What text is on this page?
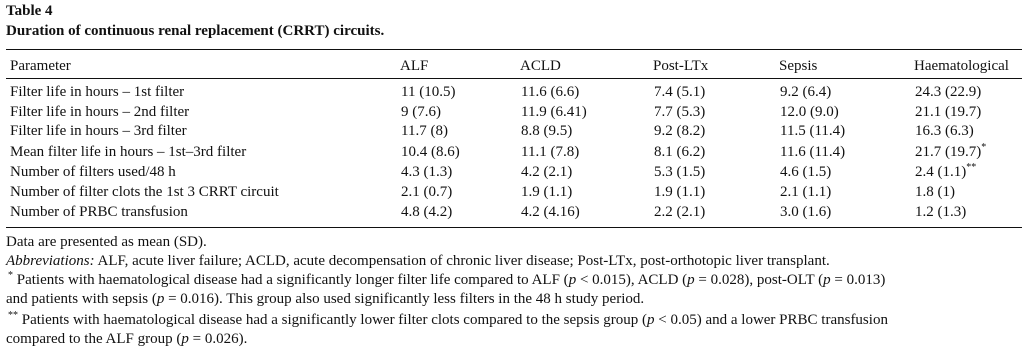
Table 4
Duration of continuous renal replacement (CRRT) circuits.
Parameter	ALF	ACLD	Post-LTx	Sepsis	Haematological
Filter life in hours – 1st filter	11 (10.5)	11.6 (6.6)	7.4 (5.1)	9.2 (6.4)	24.3 (22.9)
Filter life in hours – 2nd filter	9 (7.6)	11.9 (6.41)	7.7 (5.3)	12.0 (9.0)	21.1 (19.7)
Filter life in hours – 3rd filter	11.7 (8)	8.8 (9.5)	9.2 (8.2)	11.5 (11.4)	16.3 (6.3)
Mean filter life in hours – 1st–3rd filter	10.4 (8.6)	11.1 (7.8)	8.1 (6.2)	11.6 (11.4)	21.7 (19.7)*
Number of filters used/48 h	4.3 (1.3)	4.2 (2.1)	5.3 (1.5)	4.6 (1.5)	2.4 (1.1)**
Number of filter clots the 1st 3 CRRT circuit	2.1 (0.7)	1.9 (1.1)	1.9 (1.1)	2.1 (1.1)	1.8 (1)
Number of PRBC transfusion	4.8 (4.2)	4.2 (4.16)	2.2 (2.1)	3.0 (1.6)	1.2 (1.3)
Data are presented as mean (SD).
Abbreviations: ALF, acute liver failure; ACLD, acute decompensation of chronic liver disease; Post-LTx, post-orthotopic liver transplant.
* Patients with haematological disease had a significantly longer filter life compared to ALF (p < 0.015), ACLD (p = 0.028), post-OLT (p = 0.013)
and patients with sepsis (p = 0.016). This group also used significantly less filters in the 48 h study period.
** Patients with haematological disease had a significantly lower filter clots compared to the sepsis group (p < 0.05) and a lower PRBC transfusion
compared to the ALF group (p = 0.026).
